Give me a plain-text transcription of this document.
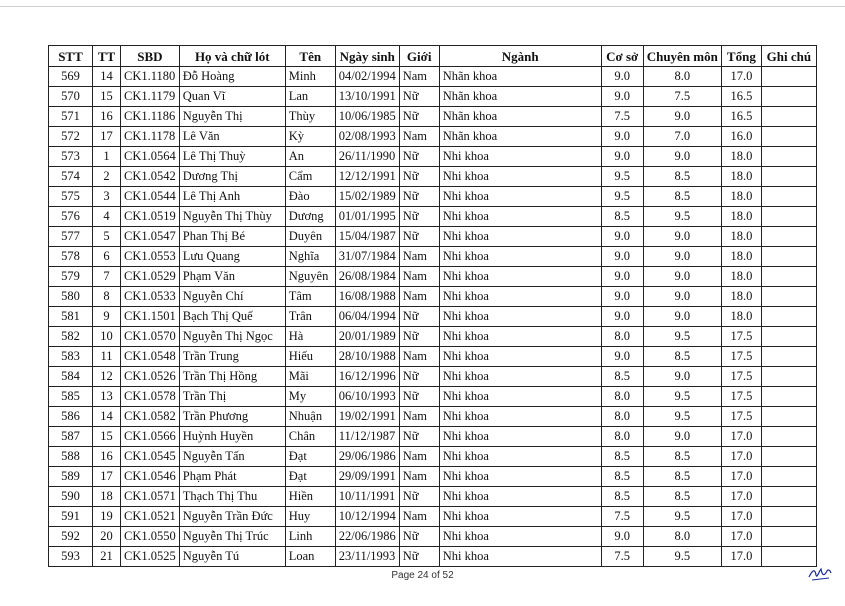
STT	TT	SBD	Họ và chữ lót	Tên	Ngày sinh	Giới	Ngành	Cơ sở	Chuyên môn	Tổng	Ghi chú
569	14	CK1.1180	Đỗ Hoàng	Minh	04/02/1994	Nam	Nhãn khoa	9.0	8.0	17.0	
570	15	CK1.1179	Quan Vĩ	Lan	13/10/1991	Nữ	Nhãn khoa	9.0	7.5	16.5	
571	16	CK1.1186	Nguyễn Thị	Thùy	10/06/1985	Nữ	Nhãn khoa	7.5	9.0	16.5	
572	17	CK1.1178	Lê Văn	Kỳ	02/08/1993	Nam	Nhãn khoa	9.0	7.0	16.0	
573	1	CK1.0564	Lê Thị Thuỳ	An	26/11/1990	Nữ	Nhi khoa	9.0	9.0	18.0	
574	2	CK1.0542	Dương Thị	Cẩm	12/12/1991	Nữ	Nhi khoa	9.5	8.5	18.0	
575	3	CK1.0544	Lê Thị Anh	Đào	15/02/1989	Nữ	Nhi khoa	9.5	8.5	18.0	
576	4	CK1.0519	Nguyễn Thị Thùy	Dương	01/01/1995	Nữ	Nhi khoa	8.5	9.5	18.0	
577	5	CK1.0547	Phan Thị Bé	Duyên	15/04/1987	Nữ	Nhi khoa	9.0	9.0	18.0	
578	6	CK1.0553	Lưu Quang	Nghĩa	31/07/1984	Nam	Nhi khoa	9.0	9.0	18.0	
579	7	CK1.0529	Phạm Văn	Nguyên	26/08/1984	Nam	Nhi khoa	9.0	9.0	18.0	
580	8	CK1.0533	Nguyễn Chí	Tâm	16/08/1988	Nam	Nhi khoa	9.0	9.0	18.0	
581	9	CK1.1501	Bạch Thị Quế	Trân	06/04/1994	Nữ	Nhi khoa	9.0	9.0	18.0	
582	10	CK1.0570	Nguyễn Thị Ngọc	Hà	20/01/1989	Nữ	Nhi khoa	8.0	9.5	17.5	
583	11	CK1.0548	Trần Trung	Hiếu	28/10/1988	Nam	Nhi khoa	9.0	8.5	17.5	
584	12	CK1.0526	Trần Thị Hồng	Mãi	16/12/1996	Nữ	Nhi khoa	8.5	9.0	17.5	
585	13	CK1.0578	Trần Thị	My	06/10/1993	Nữ	Nhi khoa	8.0	9.5	17.5	
586	14	CK1.0582	Trần Phương	Nhuận	19/02/1991	Nam	Nhi khoa	8.0	9.5	17.5	
587	15	CK1.0566	Huỳnh Huyền	Chân	11/12/1987	Nữ	Nhi khoa	8.0	9.0	17.0	
588	16	CK1.0545	Nguyễn Tấn	Đạt	29/06/1986	Nam	Nhi khoa	8.5	8.5	17.0	
589	17	CK1.0546	Phạm Phát	Đạt	29/09/1991	Nam	Nhi khoa	8.5	8.5	17.0	
590	18	CK1.0571	Thạch Thị Thu	Hiền	10/11/1991	Nữ	Nhi khoa	8.5	8.5	17.0	
591	19	CK1.0521	Nguyễn Trần Đức	Huy	10/12/1994	Nam	Nhi khoa	7.5	9.5	17.0	
592	20	CK1.0550	Nguyễn Thị Trúc	Linh	22/06/1986	Nữ	Nhi khoa	9.0	8.0	17.0	
593	21	CK1.0525	Nguyễn Tú	Loan	23/11/1993	Nữ	Nhi khoa	7.5	9.5	17.0	
Page 24 of 52
